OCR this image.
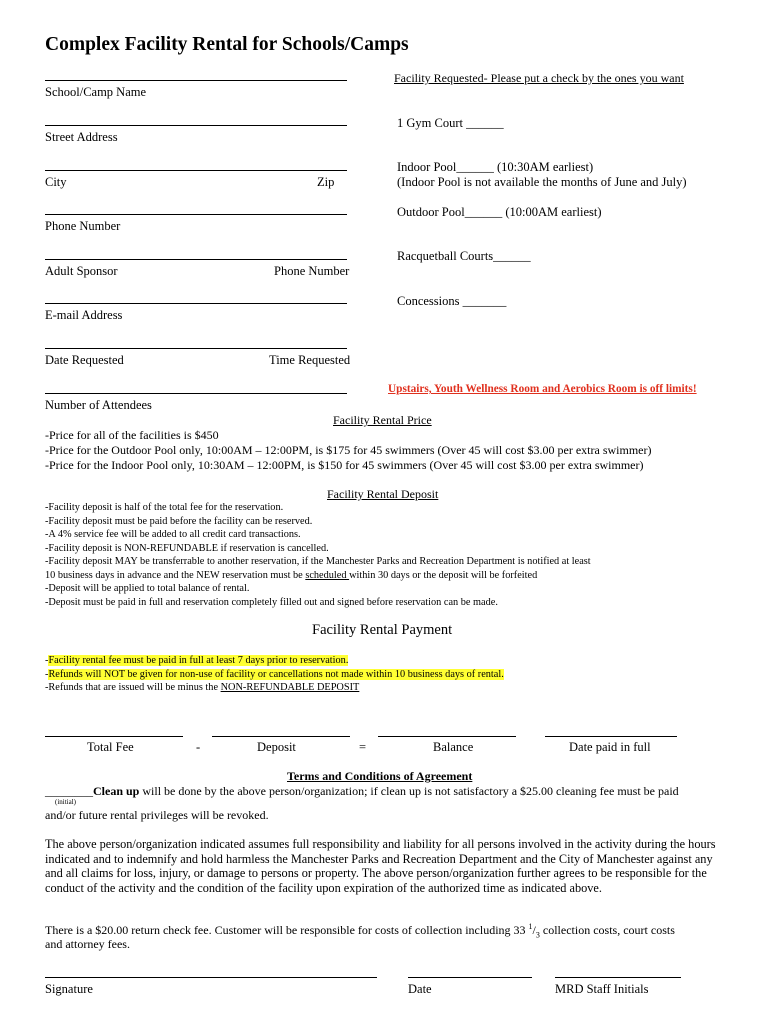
Complex Facility Rental for Schools/Camps
School/Camp Name
Street Address
City	Zip
Phone Number
Adult Sponsor	Phone Number
E-mail Address
Date Requested	Time Requested
Number of Attendees
Facility Requested- Please put a check by the ones you want
1 Gym Court ______
Indoor Pool______ (10:30AM earliest)
(Indoor Pool is not available the months of June and July)
Outdoor Pool______ (10:00AM earliest)
Racquetball Courts______
Concessions _______
Upstairs, Youth Wellness Room and Aerobics Room is off limits!
Facility Rental Price
-Price for all of the facilities is $450
-Price for the Outdoor Pool only, 10:00AM – 12:00PM, is $175 for 45 swimmers (Over 45 will cost $3.00 per extra swimmer)
-Price for the Indoor Pool only, 10:30AM – 12:00PM, is $150 for 45 swimmers (Over 45 will cost $3.00 per extra swimmer)
Facility Rental Deposit
-Facility deposit is half of the total fee for the reservation.
-Facility deposit must be paid before the facility can be reserved.
-A 4% service fee will be added to all credit card transactions.
-Facility deposit is NON-REFUNDABLE if reservation is cancelled.
-Facility deposit MAY be transferrable to another reservation, if the Manchester Parks and Recreation Department is notified at least
10 business days in advance and the NEW reservation must be scheduled within 30 days or the deposit will be forfeited
-Deposit will be applied to total balance of rental.
-Deposit must be paid in full and reservation completely filled out and signed before reservation can be made.
Facility Rental Payment
-Facility rental fee must be paid in full at least 7 days prior to reservation.
-Refunds will NOT be given for non-use of facility or cancellations not made within 10 business days of rental.
-Refunds that are issued will be minus the NON-REFUNDABLE DEPOSIT
Total Fee	-	Deposit	=	Balance	Date paid in full
Terms and Conditions of Agreement
________Clean up will be done by the above person/organization; if clean up is not satisfactory a $25.00 cleaning fee must be paid
(initial)
and/or future rental privileges will be revoked.
The above person/organization indicated assumes full responsibility and liability for all persons involved in the activity during the hours indicated and to indemnify and hold harmless the Manchester Parks and Recreation Department and the City of Manchester against any and all claims for loss, injury, or damage to persons or property. The above person/organization further agrees to be responsible for the conduct of the activity and the condition of the facility upon expiration of the authorized time as indicated above.
There is a $20.00 return check fee. Customer will be responsible for costs of collection including 33 $^1/_3$ collection costs, court costs
and attorney fees.
Signature	Date	MRD Staff Initials
